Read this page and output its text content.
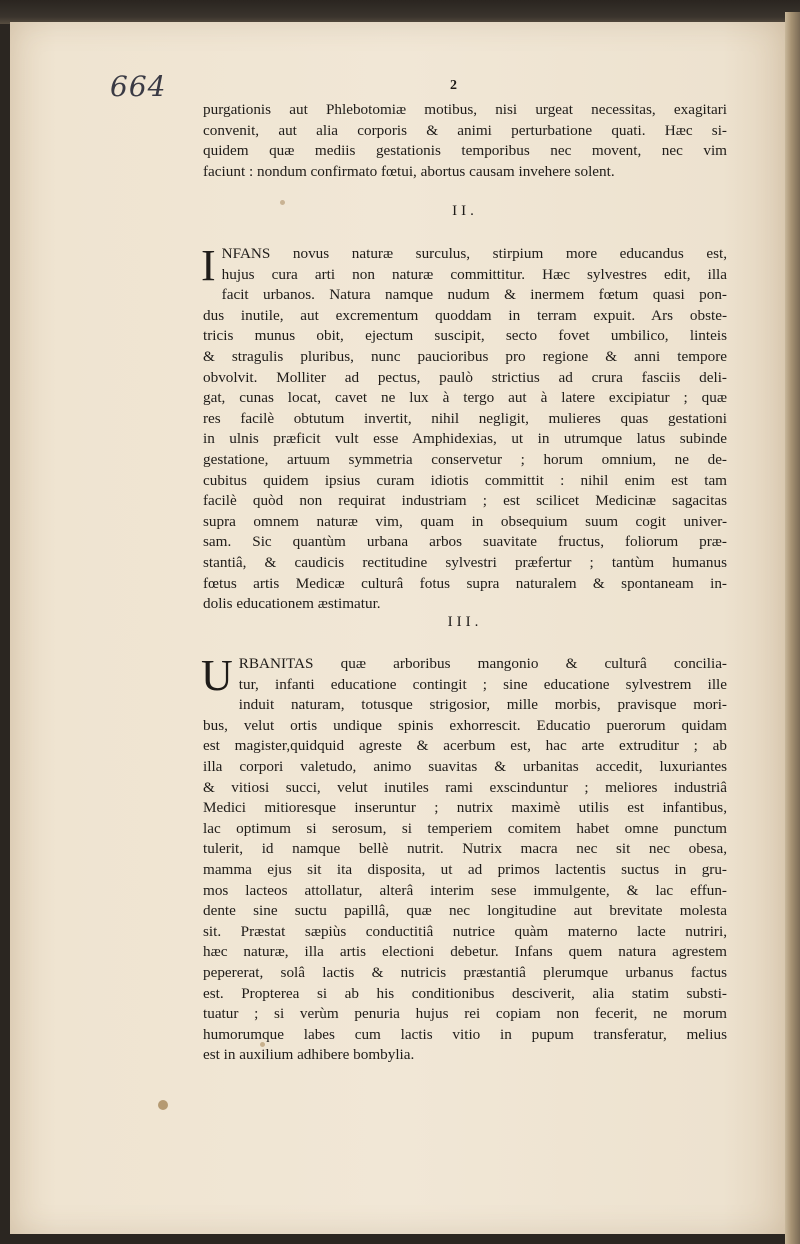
664	2
purgationis aut Phlebotomiæ motibus, nisi urgeat necessitas, exagitari
convenit, aut alia corporis & animi perturbatione quati. Hæc si-
quidem quæ mediis gestationis temporibus nec movent, nec vim
faciunt : nondum confirmato fœtui, abortus causam invehere solent.
II.
I NFANS novus naturæ surculus, stirpium more educandus est,
hujus cura arti non naturæ committitur. Hæc sylvestres edit, illa
facit urbanos. Natura namque nudum & inermem fœtum quasi pon-
dus inutile, aut excrementum quoddam in terram expuit. Ars obste-
tricis munus obit, ejectum suscipit, secto fovet umbilico, linteis
& stragulis pluribus, nunc paucioribus pro regione & anni tempore
obvolvit. Molliter ad pectus, paulò strictius ad crura fasciis deli-
gat, cunas locat, cavet ne lux à tergo aut à latere excipiatur ; quæ
res facilè obtutum invertit, nihil negligit, mulieres quas gestationi
in ulnis præficit vult esse Amphidexias, ut in utrumque latus subinde
gestatione, artuum symmetria conservetur ; horum omnium, ne de-
cubitus quidem ipsius curam idiotis committit : nihil enim est tam
facilè quòd non requirat industriam ; est scilicet Medicinæ sagacitas
supra omnem naturæ vim, quam in obsequium suum cogit univer-
sam. Sic quantùm urbana arbos suavitate fructus, foliorum præ-
stantiâ, & caudicis rectitudine sylvestri præfertur ; tantùm humanus
fœtus artis Medicæ culturâ fotus supra naturalem & spontaneam in-
dolis educationem æstimatur.
III.
U RBANITAS quæ arboribus mangonio & culturâ concilia-
tur, infanti educatione contingit ; sine educatione sylvestrem ille
induit naturam, totusque strigosior, mille morbis, pravisque mori-
bus, velut ortis undique spinis exhorrescit. Educatio puerorum quidam
est magister,quidquid agreste & acerbum est, hac arte extruditur ; ab
illa corpori valetudo, animo suavitas & urbanitas accedit, luxuriantes
& vitiosi succi, velut inutiles rami exscinduntur ; meliores industriâ
Medici mitioresque inseruntur ; nutrix maximè utilis est infantibus,
lac optimum si serosum, si temperiem comitem habet omne punctum
tulerit, id namque bellè nutrit. Nutrix macra nec sit nec obesa,
mamma ejus sit ita disposita, ut ad primos lactentis suctus in gru-
mos lacteos attollatur, alterâ interim sese immulgente, & lac effun-
dente sine suctu papillâ, quæ nec longitudine aut brevitate molesta
sit. Præstat sæpiùs conductitiâ nutrice quàm materno lacte nutriri,
hæc naturæ, illa artis electioni debetur. Infans quem natura agrestem
pepererat, solâ lactis & nutricis præstantiâ plerumque urbanus factus
est. Propterea si ab his conditionibus desciverit, alia statim substi-
tuatur ; si verùm penuria hujus rei copiam non fecerit, ne morum
humorumque labes cum lactis vitio in pupum transferatur, melius
est in auxilium adhibere bombylia.
